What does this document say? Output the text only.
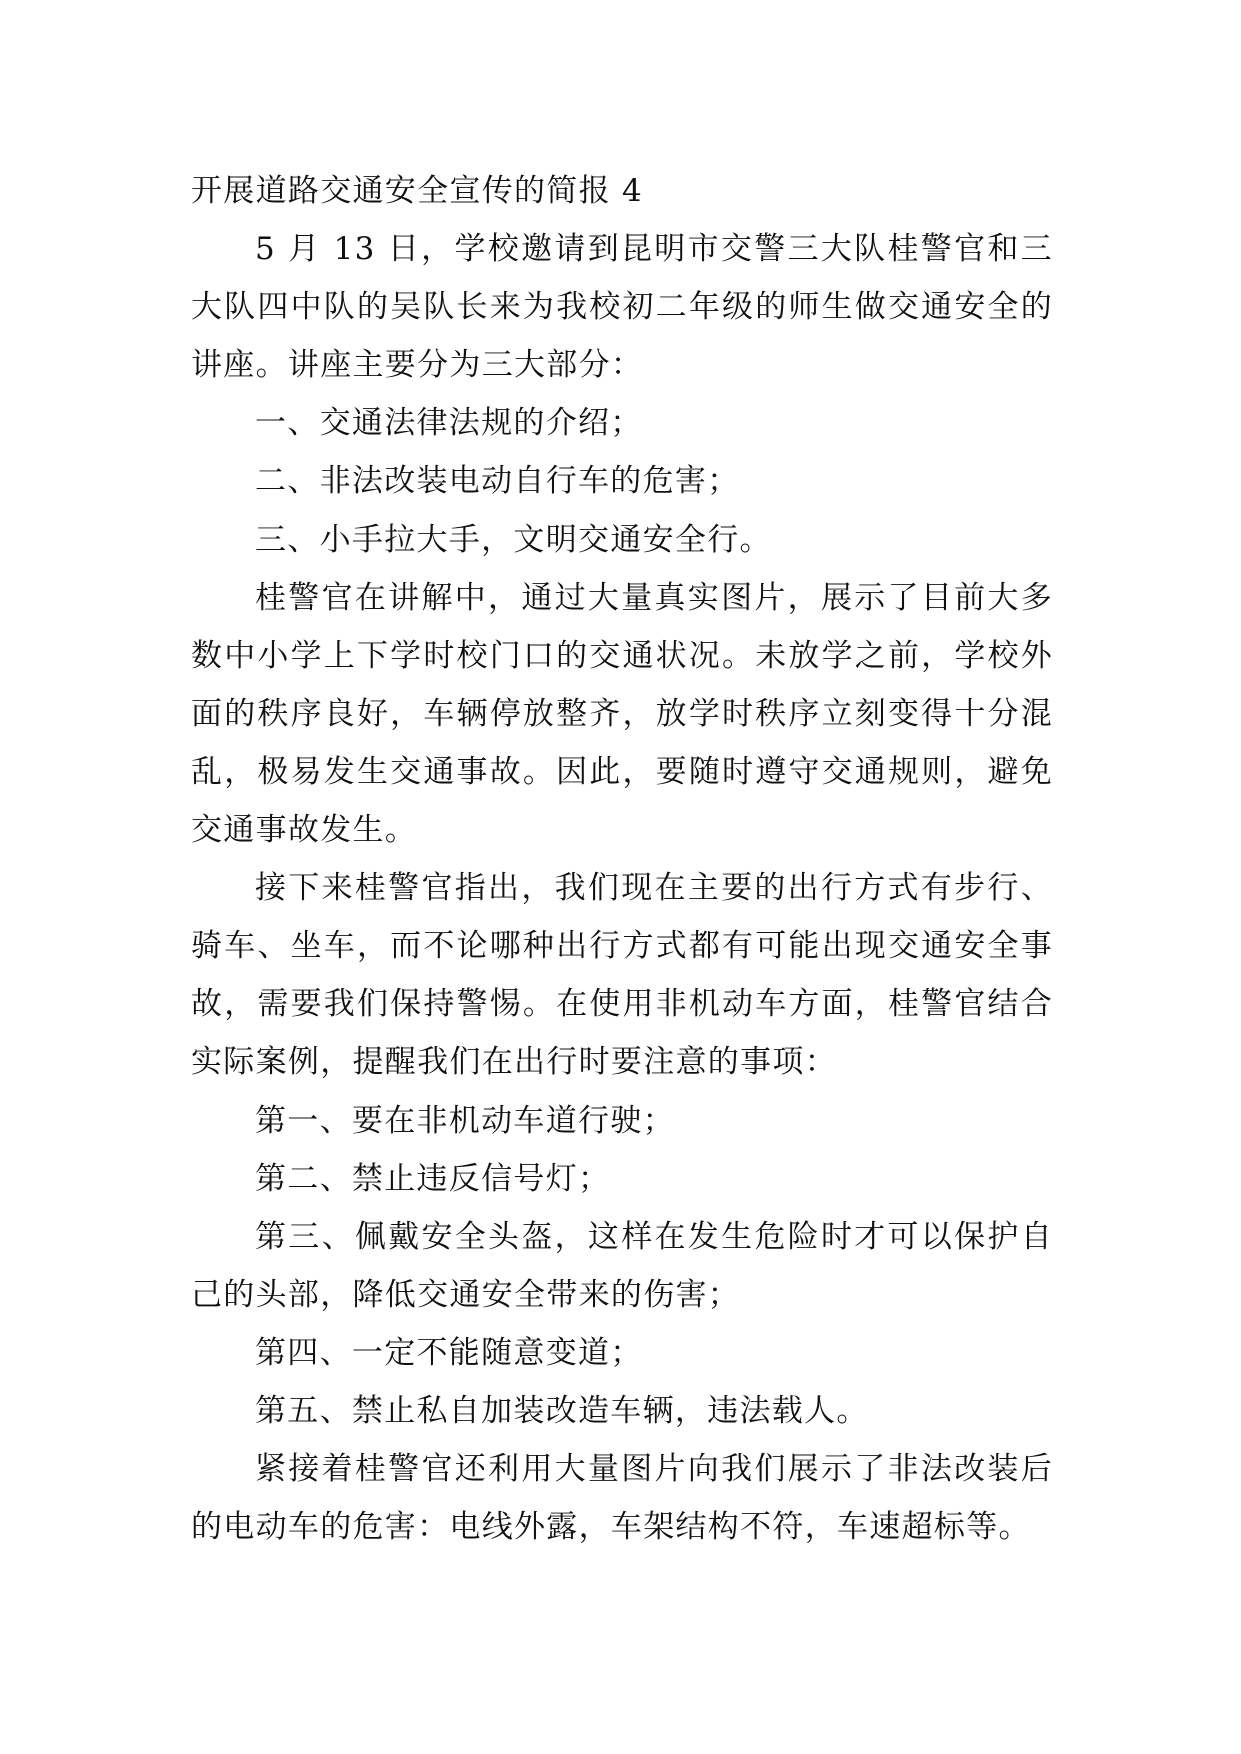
开展道路交通安全宣传的简报 4

5 月 13 日，学校邀请到昆明市交警三大队桂警官和三大队四中队的吴队长来为我校初二年级的师生做交通安全的讲座。讲座主要分为三大部分：

一、交通法律法规的介绍；

二、非法改装电动自行车的危害；

三、小手拉大手，文明交通安全行。

桂警官在讲解中，通过大量真实图片，展示了目前大多数中小学上下学时校门口的交通状况。未放学之前，学校外面的秩序良好，车辆停放整齐，放学时秩序立刻变得十分混乱，极易发生交通事故。因此，要随时遵守交通规则，避免交通事故发生。

接下来桂警官指出，我们现在主要的出行方式有步行、骑车、坐车，而不论哪种出行方式都有可能出现交通安全事故，需要我们保持警惕。在使用非机动车方面，桂警官结合实际案例，提醒我们在出行时要注意的事项：

第一、要在非机动车道行驶；

第二、禁止违反信号灯；

第三、佩戴安全头盔，这样在发生危险时才可以保护自己的头部，降低交通安全带来的伤害；

第四、一定不能随意变道；

第五、禁止私自加装改造车辆，违法载人。

紧接着桂警官还利用大量图片向我们展示了非法改装后的电动车的危害：电线外露，车架结构不符，车速超标等。
